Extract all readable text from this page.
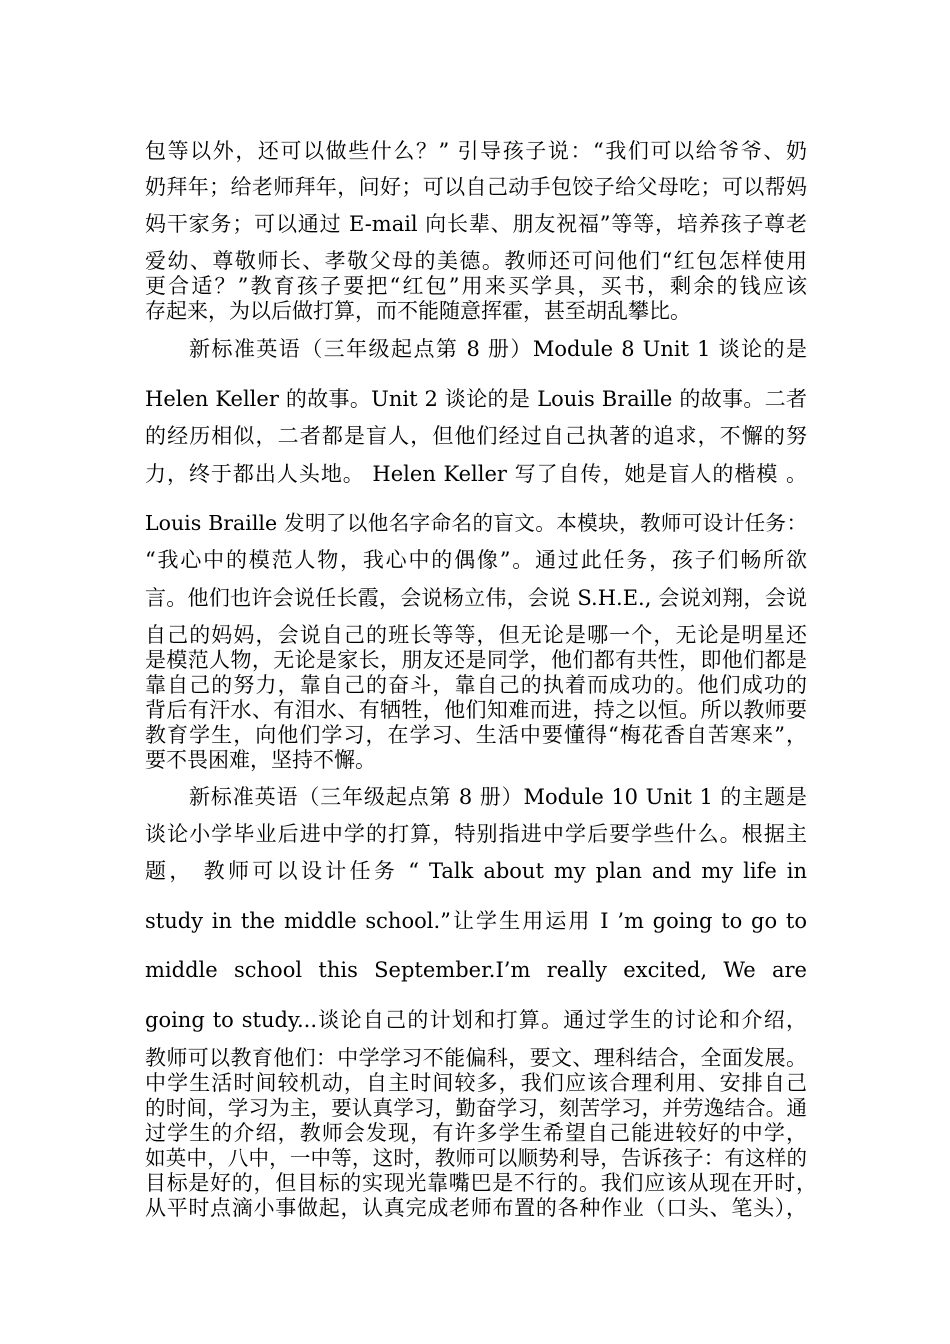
包等以外，还可以做些什么？” 引导孩子说：“我们可以给爷爷、奶
奶拜年；给老师拜年，问好；可以自己动手包饺子给父母吃；可以帮妈
妈干家务；可以通过 E-mail 向长辈、朋友祝福”等等，培养孩子尊老
爱幼、尊敬师长、孝敬父母的美德。教师还可问他们“红包怎样使用
更合适？”教育孩子要把“红包”用来买学具，买书，剩余的钱应该
存起来，为以后做打算，而不能随意挥霍，甚至胡乱攀比。
新标准英语（三年级起点第 8 册）Module 8 Unit 1 谈论的是
Helen Keller 的故事。Unit 2 谈论的是 Louis Braille 的故事。二者
的经历相似，二者都是盲人，但他们经过自己执著的追求，不懈的努
力，终于都出人头地。 Helen Keller 写了自传，她是盲人的楷模 。
Louis Braille 发明了以他名字命名的盲文。本模块，教师可设计任务：
“我心中的模范人物，我心中的偶像”。通过此任务，孩子们畅所欲
言。他们也许会说任长霞，会说杨立伟，会说 S.H.E., 会说刘翔，会说
自己的妈妈，会说自己的班长等等，但无论是哪一个，无论是明星还
是模范人物，无论是家长，朋友还是同学，他们都有共性，即他们都是
靠自己的努力，靠自己的奋斗，靠自己的执着而成功的。他们成功的
背后有汗水、有泪水、有牺牲，他们知难而进，持之以恒。所以教师要
教育学生，向他们学习，在学习、生活中要懂得“梅花香自苦寒来”，
要不畏困难，坚持不懈。
新标准英语（三年级起点第 8 册）Module 10 Unit 1 的主题是
谈论小学毕业后进中学的打算，特别指进中学后要学些什么。根据主
题， 教师可以设计任务 “ Talk about my plan and my life in
study in the middle school.”让学生用运用 I ’m going to go to
middle school this September.I’m really excited, We are
going to study...谈论自己的计划和打算。通过学生的讨论和介绍，
教师可以教育他们：中学学习不能偏科，要文、理科结合，全面发展。
中学生活时间较机动，自主时间较多，我们应该合理利用、安排自己
的时间，学习为主，要认真学习，勤奋学习，刻苦学习，并劳逸结合。通
过学生的介绍，教师会发现，有许多学生希望自己能进较好的中学，
如英中，八中，一中等，这时，教师可以顺势利导，告诉孩子：有这样的
目标是好的，但目标的实现光靠嘴巴是不行的。我们应该从现在开时，
从平时点滴小事做起，认真完成老师布置的各种作业（口头、笔头），
